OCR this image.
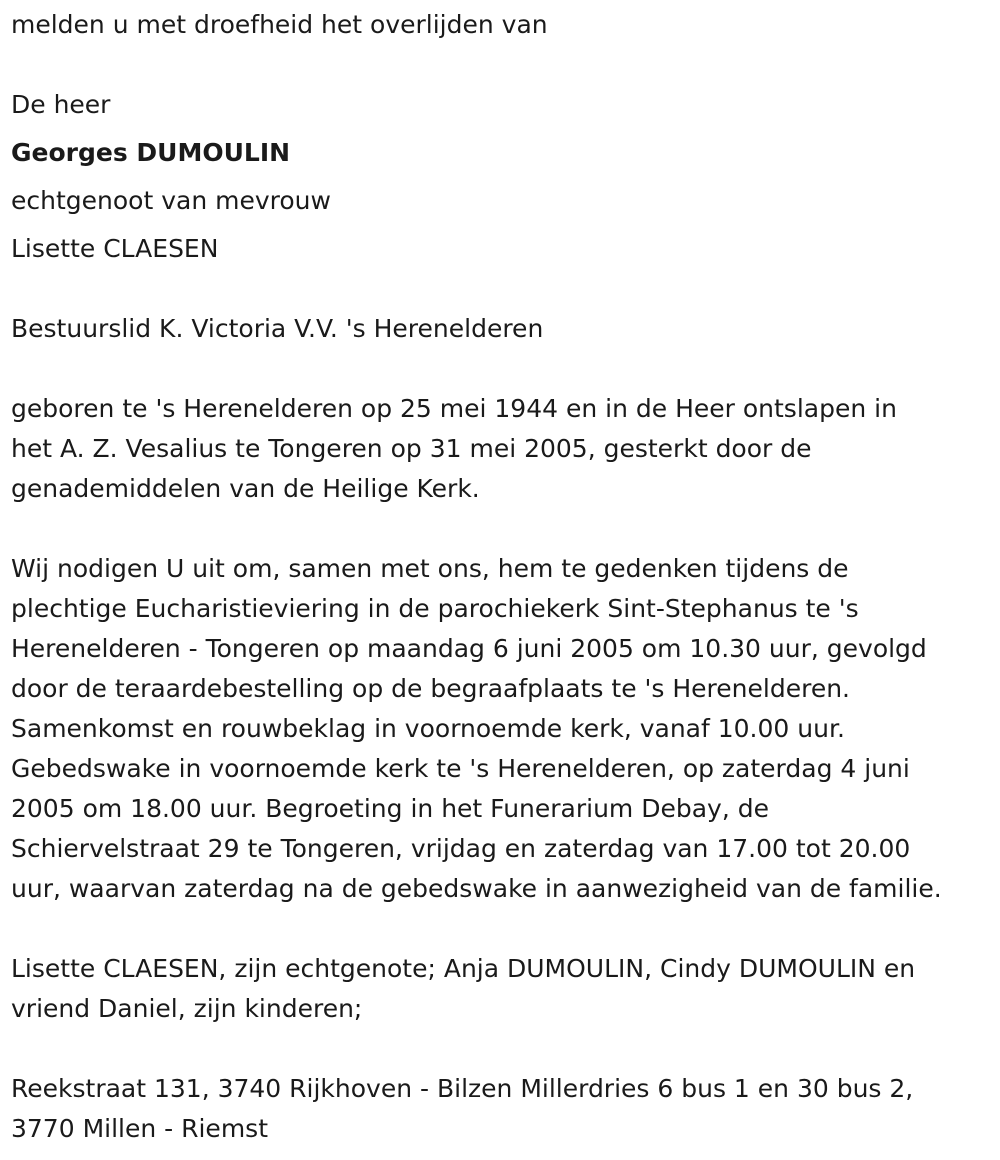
melden u met droefheid het overlijden van

De heer

Georges DUMOULIN

echtgenoot van mevrouw

Lisette CLAESEN

Bestuurslid K. Victoria V.V. 's Herenelderen

geboren te 's Herenelderen op 25 mei 1944 en in de Heer ontslapen in
het A. Z. Vesalius te Tongeren op 31 mei 2005, gesterkt door de
genademiddelen van de Heilige Kerk.
Wij nodigen U uit om, samen met ons, hem te gedenken tijdens de
plechtige Eucharistieviering in de parochiekerk Sint-Stephanus te 's
Herenelderen - Tongeren op maandag 6 juni 2005 om 10.30 uur, gevolgd
door de teraardebestelling op de begraafplaats te 's Herenelderen.
Samenkomst en rouwbeklag in voornoemde kerk, vanaf 10.00 uur.
Gebedswake in voornoemde kerk te 's Herenelderen, op zaterdag 4 juni
2005 om 18.00 uur. Begroeting in het Funerarium Debay, de
Schiervelstraat 29 te Tongeren, vrijdag en zaterdag van 17.00 tot 20.00
uur, waarvan zaterdag na de gebedswake in aanwezigheid van de familie.
Lisette CLAESEN, zijn echtgenote; Anja DUMOULIN, Cindy DUMOULIN en
vriend Daniel, zijn kinderen;
Reekstraat 131, 3740 Rijkhoven - Bilzen Millerdries 6 bus 1 en 30 bus 2,
3770 Millen - Riemst
